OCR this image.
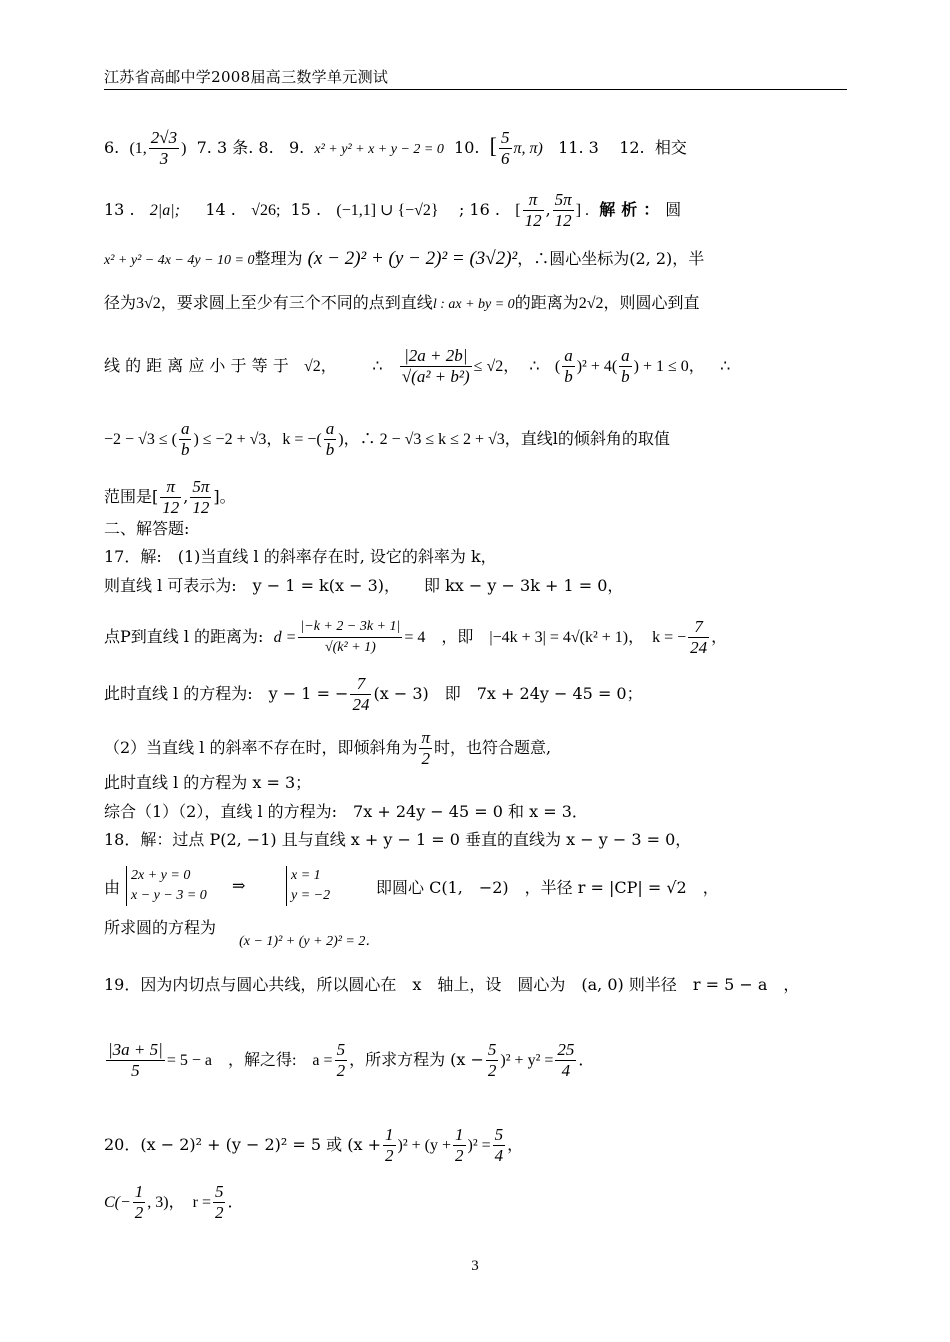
江苏省高邮中学2008届高三数学单元测试
6. (1, $\frac{2√3}{3}$ ) 7. 3 条. 8. 9. x² + y² + x + y − 2 = 0 10. [ $\frac{5}{6} \pi$, π) 11. 3 12. 相交
13 . 2|a|; 14 . √26; 15 . (−1,1] ∪ {−√2} ; 16 . [ $\frac{\pi}{12}$ , $\frac{5\pi}{12}$ ] . 解析：圆
x² + y² − 4x − 4y − 10 = 0整理为 (x − 2)² + (y − 2)² = (3√2)²，∴圆心坐标为(2, 2)，半
径为3√2，要求圆上至少有三个不同的点到直线l : ax + by = 0的距离为2√2，则圆心到直
线 的 距 离 应 小 于 等 于 √2， ∴ $\frac{|2a + 2b|}{\text{√(a² + b²)}} \le √2$， ∴ ( $\frac{a}{b} )^2 + 4( \frac{a}{b}$ ) + 1 ≤ 0， ∴
−2 − √3 ≤ ( $\frac{a}{b}$ ) ≤ −2 + √3，k = −( $\frac{a}{b}$ )，∴ 2 − √3 ≤ k ≤ 2 + √3，直线l的倾斜角的取值
范围是[ $\frac{\pi}{12}$ , $\frac{5\pi}{12}$ ]。
二、解答题:
17．解:　(1)当直线 l 的斜率存在时, 设它的斜率为 k，
则直线 l 可表示为:　y − 1 = k(x − 3)，　　即 kx − y − 3k + 1 = 0，
点P到直线 l 的距离为: $d = \frac{|-k + 2 - 3k + 1|}{\text{√(k² + 1)}} = 4$　，即　|−4k + 3| = 4√(k² + 1)，　k = − $\frac{7}{24}$ ，
此时直线 l 的方程为:　y − 1 = − $\frac{7}{24} (x - 3)$　即　7x + 24y − 45 = 0；
（2）当直线 l 的斜率不存在时，即倾斜角为 $\frac{\pi}{2}$ 时，也符合题意,
此时直线 l 的方程为 x = 3；
综合（1）（2），直线 l 的方程为:　7x + 24y − 45 = 0 和 x = 3．
18．解：过点 P(2, −1) 且与直线 x + y − 1 = 0 垂直的直线为 x − y − 3 = 0，
由
2x + y = 0
x − y − 3 = 0
⇒
x = 1
y = −2	即圆心 C(1,　−2)　，半径 r = |CP| = √2　，
所求圆的方程为 (x − 1)² + (y + 2)² = 2．
19．因为内切点与圆心共线，所以圆心在　x　轴上，设　圆心为　(a, 0) 则半径　r = 5 − a　，
$\frac{|3a + 5|}{5} = 5 - a$　，解之得:　$a = \frac{5}{2}$ ，所求方程为 $(x - \frac{5}{2} )^2 + y^2 = \frac{25}{4}$ ．
20．(x − 2)² + (y − 2)² = 5 或 $(x + \frac{1}{2} )^2 + (y + \frac{1}{2} )^2 = \frac{5}{4}$ ，
$C(- \frac{1}{2}$ , 3)，　$r = \frac{5}{2}$ ．
3
